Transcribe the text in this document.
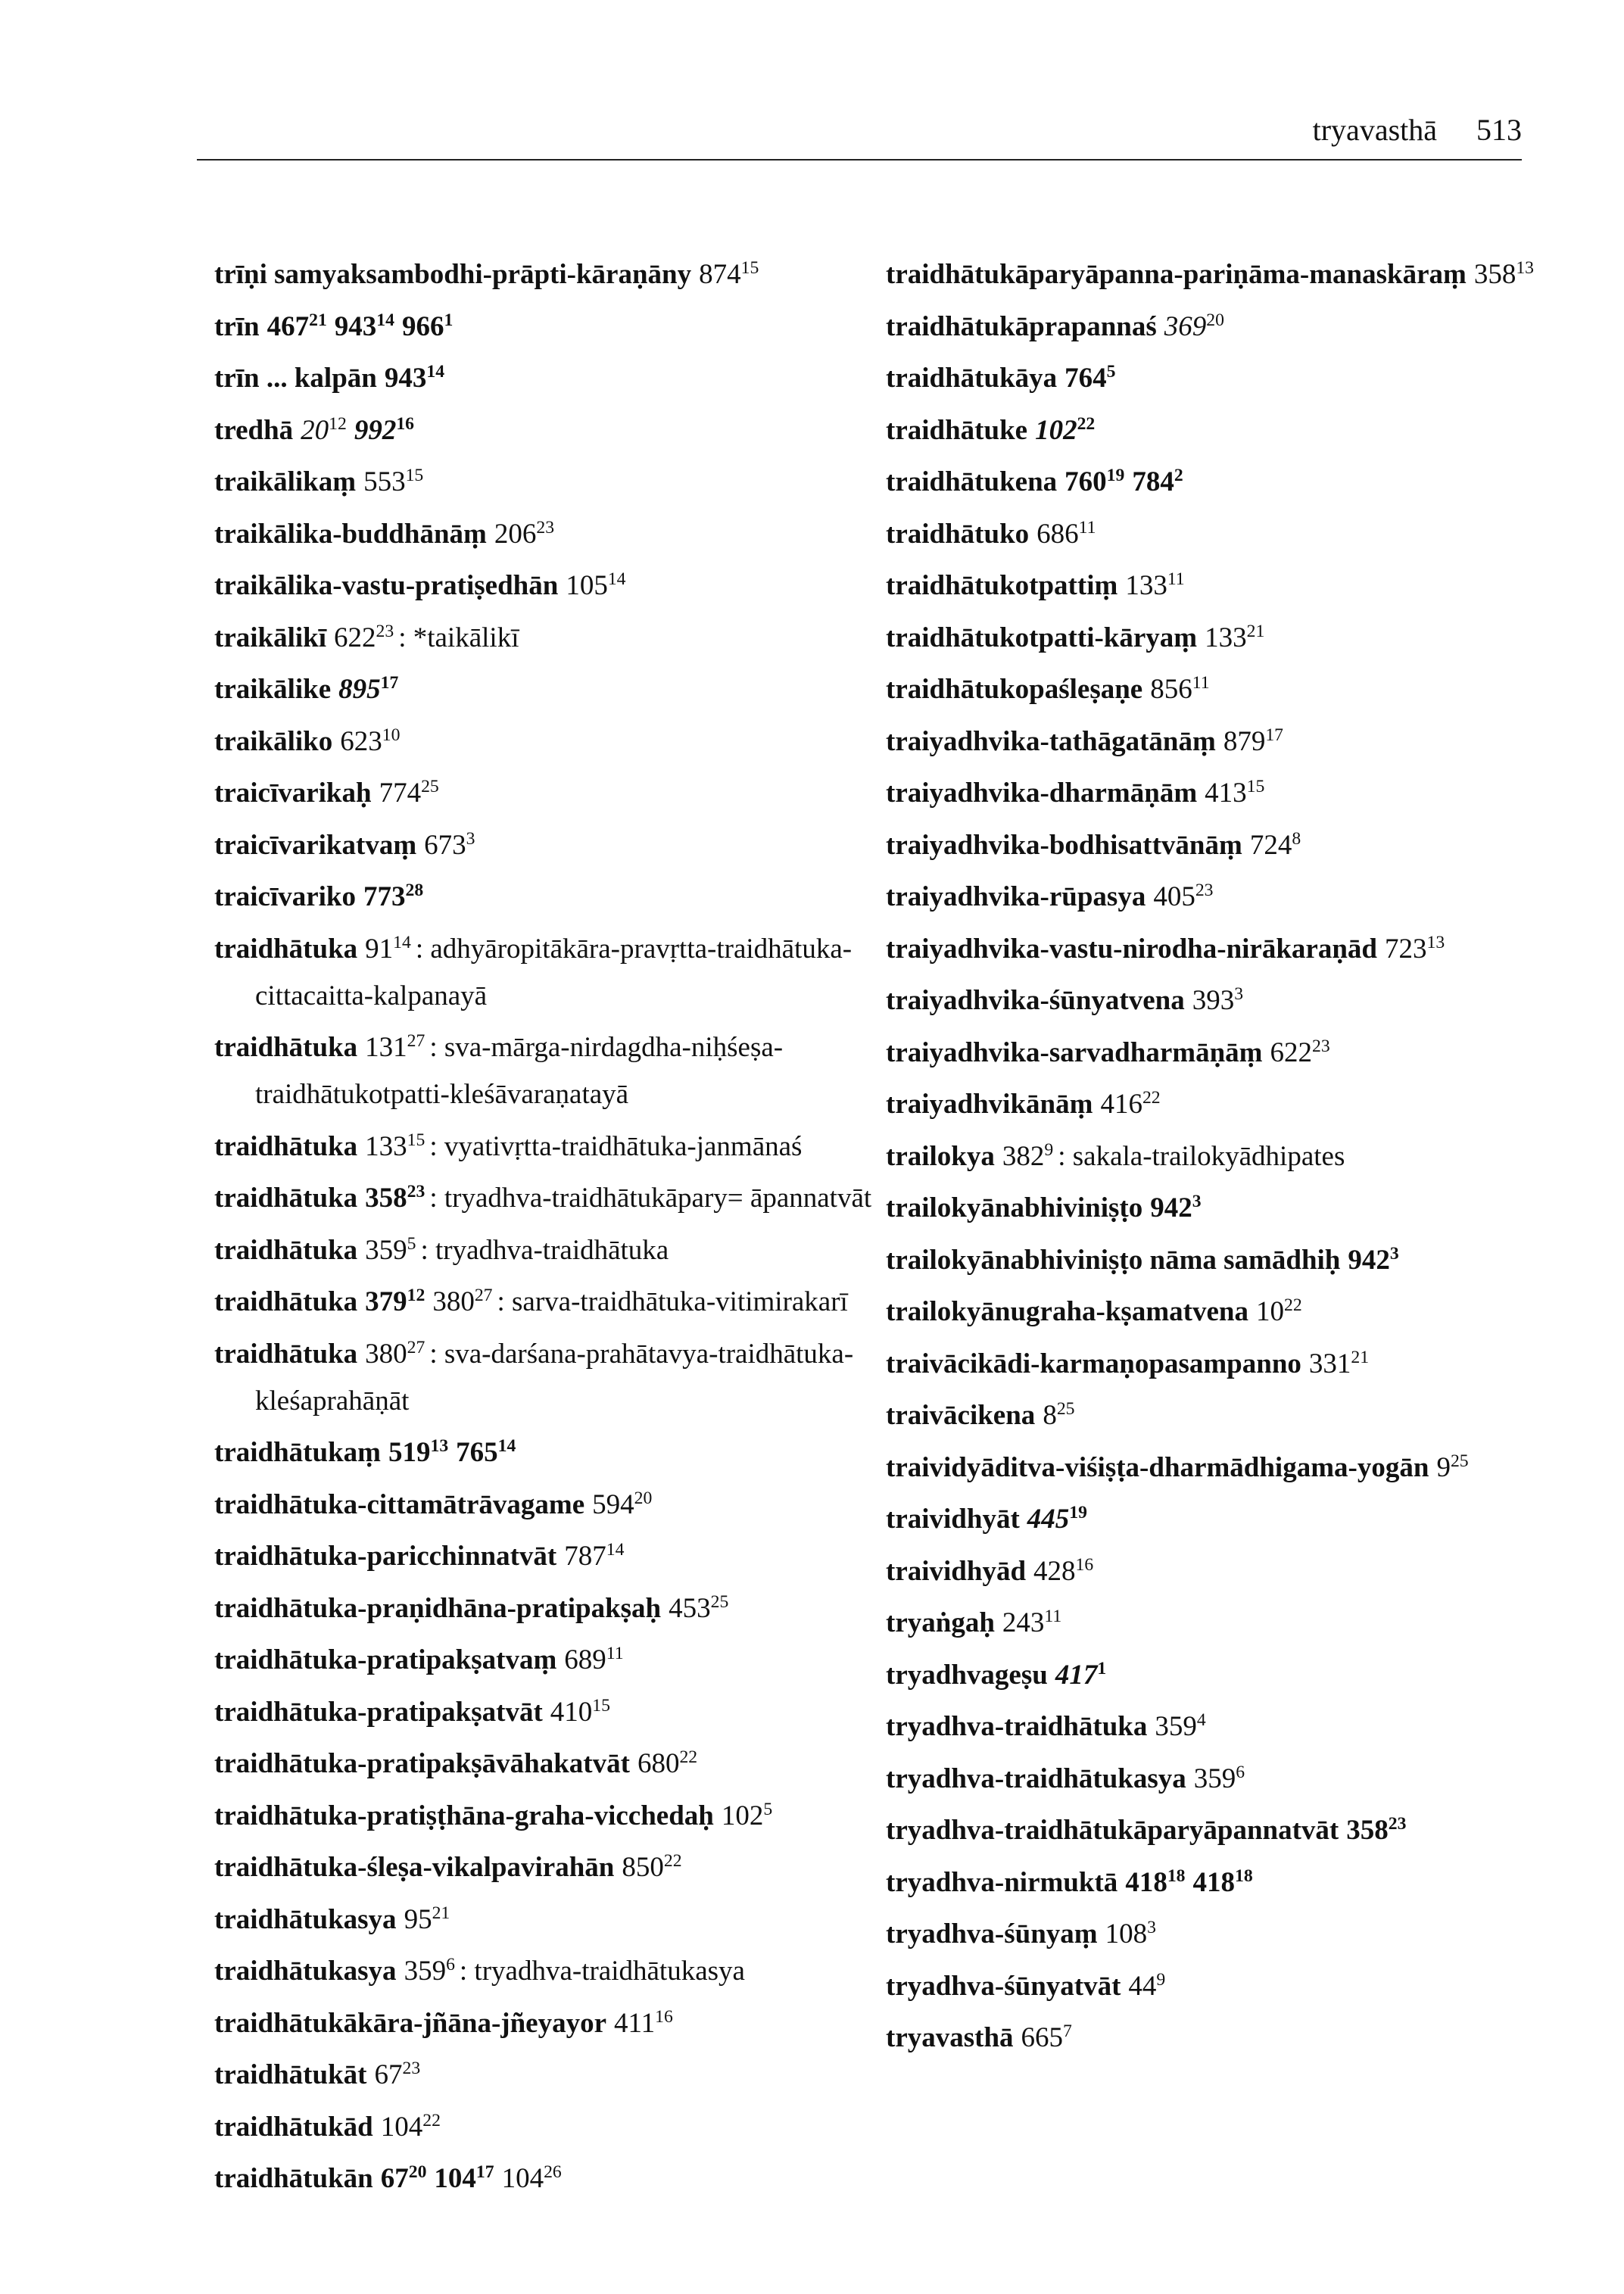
tryavasthā 513
trīṇi samyaksambodhi-prāpti-kāraṇāny $874^{15}$
trīn $467^{21}$ $943^{14}$ $966^1$
trīn ... kalpān $943^{14}$
tredhā $20^{12}$ $992^{16}$
traikālikaṃ $553^{15}$
traikālika-buddhānāṃ $206^{23}$
traikālika-vastu-pratiṣedhān $105^{14}$
traikālikī $622^{23}$ : *taikālikī
traikālike $895^{17}$
traikāliko $623^{10}$
traicīvarikaḥ $774^{25}$
traicīvarikatvaṃ $673^3$
traicīvariko $773^{28}$
traidhātuka $91^{14}$ : adhyāropitākāra-pravṛtta-traidhātuka-cittacaitta-kalpanayā
traidhātuka $131^{27}$ : sva-mārga-nirdagdha-niḥśeṣa-traidhātukotpatti-kleśāvaraṇatayā
traidhātuka $133^{15}$ : vyativṛtta-traidhātuka-janmānaś
traidhātuka $358^{23}$ : tryadhva-traidhātukāpary= āpannatvāt
traidhātuka $359^5$ : tryadhva-traidhātuka
traidhātuka $379^{12}$ $380^{27}$ : sarva-traidhātuka-vitimirakarī
traidhātuka $380^{27}$ : sva-darśana-prahātavya-traidhātuka-kleśaprahāṇāt
traidhātukaṃ $519^{13}$ $765^{14}$
traidhātuka-cittamātrāvagame $594^{20}$
traidhātuka-paricchinnatvāt $787^{14}$
traidhātuka-praṇidhāna-pratipakṣaḥ $453^{25}$
traidhātuka-pratipakṣatvaṃ $689^{11}$
traidhātuka-pratipakṣatvāt $410^{15}$
traidhātuka-pratipakṣāvāhakatvāt $680^{22}$
traidhātuka-pratiṣṭhāna-graha-vicchedaḥ $102^5$
traidhātuka-śleṣa-vikalpavirahān $850^{22}$
traidhātukasya $95^{21}$
traidhātukasya $359^6$ : tryadhva-traidhātukasya
traidhātukākāra-jñāna-jñeyayor $411^{16}$
traidhātukāt $67^{23}$
traidhātukād $104^{22}$
traidhātukān $67^{20}$ $104^{17}$ $104^{26}$
traidhātukāparyāpanna-pariṇāma-manaskāraṃ $358^{13}$
traidhātukāprapannaś $369^{20}$
traidhātukāya $764^5$
traidhātuke $102^{22}$
traidhātukena $760^{19}$ $784^2$
traidhātuko $686^{11}$
traidhātukotpattiṃ $133^{11}$
traidhātukotpatti-kāryaṃ $133^{21}$
traidhātukopaśleṣaṇe $856^{11}$
traiyadhvika-tathāgatānāṃ $879^{17}$
traiyadhvika-dharmāṇām $413^{15}$
traiyadhvika-bodhisattvānāṃ $724^8$
traiyadhvika-rūpasya $405^{23}$
traiyadhvika-vastu-nirodha-nirākaraṇād $723^{13}$
traiyadhvika-śūnyatvena $393^3$
traiyadhvika-sarvadharmāṇāṃ $622^{23}$
traiyadhvikānāṃ $416^{22}$
trailokya $382^9$ : sakala-trailokyādhipates
trailokyānabhiviniṣṭo $942^3$
trailokyānabhiviniṣṭo nāma samādhiḥ $942^3$
trailokyānugraha-kṣamatvena $10^{22}$
traivācikādi-karmaṇopasampanno $331^{21}$
traivācikena $8^{25}$
traividyāditva-viśiṣṭa-dharmādhigama-yogān $9^{25}$
traividhyāt $445^{19}$
traividhyād $428^{16}$
tryaṅgaḥ $243^{11}$
tryadhvageṣu $417^1$
tryadhva-traidhātuka $359^4$
tryadhva-traidhātukasya $359^6$
tryadhva-traidhātukāparyāpannatvāt $358^{23}$
tryadhva-nirmuktā $418^{18}$ $418^{18}$
tryadhva-śūnyaṃ $108^3$
tryadhva-śūnyatvāt $44^9$
tryavasthā $665^7$
